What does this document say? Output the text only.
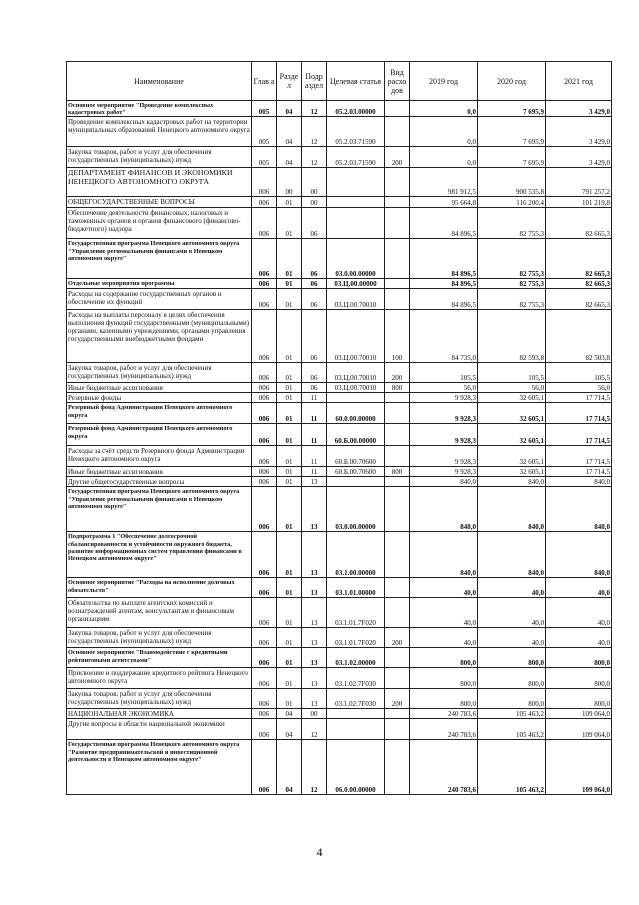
Наименование	Глав а	Разде л	Подр аздел	Целевая статья	Вид расхо дов	2019 год	2020 год	2021 год
Основное мероприятие "Проведение комплексных кадастровых работ"	005	04	12	05.2.03.00000		0,0	7 695,9	3 429,0
Проведение комплексных кадастровых работ на территории муниципальных образований Ненецкого автономного округа	005	04	12	05.2.03.71590		0,0	7 695,9	3 429,0
Закупка товаров, работ и услуг для обеспечения государственных (муниципальных) нужд	005	04	12	05.2.03.71590	200	0,0	7 695,9	3 429,0
ДЕПАРТАМЕНТ ФИНАНСОВ И ЭКОНОМИКИ НЕНЕЦКОГО АВТОНОМНОГО ОКРУГА	006	00	00			981 912,5	900 535,8	791 257,2
ОБЩЕГОСУДАРСТВЕННЫЕ ВОПРОСЫ	006	01	00			95 664,8	116 200,4	101 219,8
Обеспечение деятельности финансовых, налоговых и таможенных органов и органов финансового (финансово-бюджетного) надзора	006	01	06			84 896,5	82 755,3	82 665,3
Государственная программа Ненецкого автономного округа "Управление региональными финансами в Ненецком автономном округе"	006	01	06	03.0.00.00000		84 896,5	82 755,3	82 665,3
Отдельные мероприятия программы	006	01	06	03.Ц.00.00000		84 896,5	82 755,3	82 665,3
Расходы на содержание государственных органов и обеспечение их функций	006	01	06	03.Ц.00.70010		84 896,5	82 755,3	82 665,3
Расходы на выплаты персоналу в целях обеспечения выполнения функций государственными (муниципальными) органами, казенными учреждениями, органами управления государственными внебюджетными фондами	006	01	06	03.Ц.00.70010	100	84 735,0	82 593,8	82 503,8
Закупка товаров, работ и услуг для обеспечения государственных (муниципальных) нужд	006	01	06	03.Ц.00.70010	200	105,5	105,5	105,5
Иные бюджетные ассигнования	006	01	06	03.Ц.00.70010	800	56,0	56,0	56,0
Резервные фонды	006	01	11			9 928,3	32 605,1	17 714,5
Резервный фонд Администрации Ненецкого автономного округа	006	01	11	60.0.00.00000		9 928,3	32 605,1	17 714,5
Резервный фонд Администрации Ненецкого автономного округа	006	01	11	60.Б.00.00000		9 928,3	32 605,1	17 714,5
Расходы за счёт средств Резервного фонда Администрации Ненецкого автономного округа	006	01	11	60.Б.00.70600		9 928,3	32 605,1	17 714,5
Иные бюджетные ассигнования	006	01	11	60.Б.00.70600	800	9 928,3	32 605,1	17 714,5
Другие общегосударственные вопросы	006	01	13			840,0	840,0	840,0
Государственная программа Ненецкого автономного округа "Управление региональными финансами в Ненецком автономном округе"	006	01	13	03.0.00.00000		840,0	840,0	840,0
Подпрограмма 1 "Обеспечение долгосрочной сбалансированности и устойчивости окружного бюджета, развитие информационных систем управления финансами в Ненецком автономном округе"	006	01	13	03.1.00.00000		840,0	840,0	840,0
Основное мероприятие "Расходы на исполнение долговых обязательств"	006	01	13	03.1.01.00000		40,0	40,0	40,0
Обязательства по выплате агентских комиссий и вознаграждений агентам, консультантам и финансовым организациям	006	01	13	03.1.01.7F020		40,0	40,0	40,0
Закупка товаров, работ и услуг для обеспечения государственных (муниципальных) нужд	006	01	13	03.1.01.7F020	200	40,0	40,0	40,0
Основное мероприятие "Взаимодействие с кредитными рейтинговыми агентствами"	006	01	13	03.1.02.00000		800,0	800,0	800,0
Присвоение и поддержание кредитного рейтинга Ненецкого автономного округа	006	01	13	03.1.02.7F030		800,0	800,0	800,0
Закупка товаров, работ и услуг для обеспечения государственных (муниципальных) нужд	006	01	13	03.1.02.7F030	200	800,0	800,0	800,0
НАЦИОНАЛЬНАЯ ЭКОНОМИКА	006	04	00			240 783,6	105 463,2	109 064,0
Другие вопросы в области национальной экономики	006	04	12			240 783,6	105 463,2	109 064,0
Государственная программа Ненецкого автономного округа "Развитие предпринимательской и инвестиционной деятельности в Ненецком автономном округе"	006	04	12	06.0.00.00000		240 783,6	105 463,2	109 064,0
4
